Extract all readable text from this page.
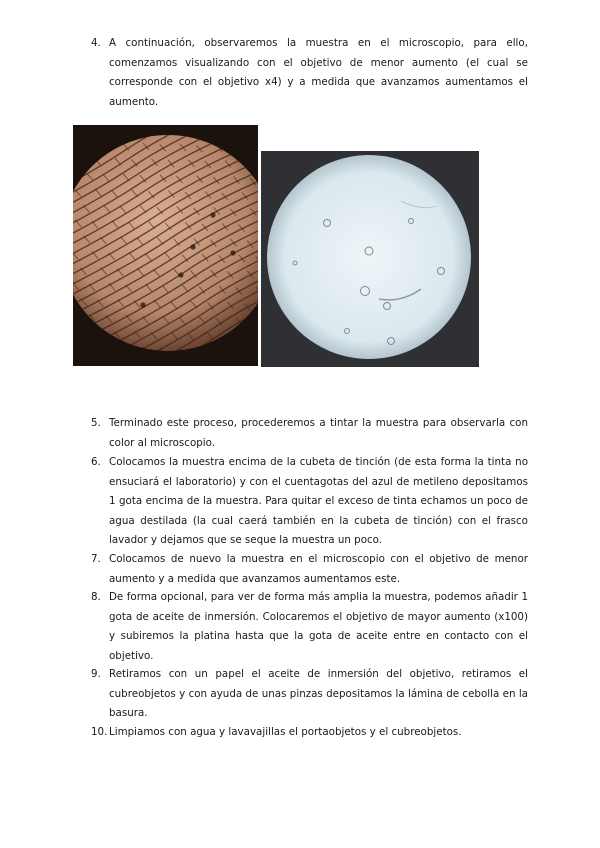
4. A continuación, observaremos la muestra en el microscopio, para ello, comenzamos visualizando con el objetivo de menor aumento (el cual se corresponde con el objetivo x4) y a medida que avanzamos aumentamos el aumento.
5. Terminado este proceso, procederemos a tintar la muestra para observarla con color al microscopio.
6. Colocamos la muestra encima de la cubeta de tinción (de esta forma la tinta no ensuciará el laboratorio) y con el cuentagotas del azul de metileno depositamos 1 gota encima de la muestra. Para quitar el exceso de tinta echamos un poco de agua destilada (la cual caerá también en la cubeta de tinción) con el frasco lavador y dejamos que se seque la muestra un poco.
7. Colocamos de nuevo la muestra en el microscopio con el objetivo de menor aumento y a medida que avanzamos aumentamos este.
8. De forma opcional, para ver de forma más amplia la muestra, podemos añadir 1 gota de aceite de inmersión. Colocaremos el objetivo de mayor aumento (x100) y subiremos la platina hasta que la gota de aceite entre en contacto con el objetivo.
9. Retiramos con un papel el aceite de inmersión del objetivo, retiramos el cubreobjetos y con ayuda de unas pinzas depositamos la lámina de cebolla en la basura.
10. Limpiamos con agua y lavavajillas el portaobjetos y el cubreobjetos.
